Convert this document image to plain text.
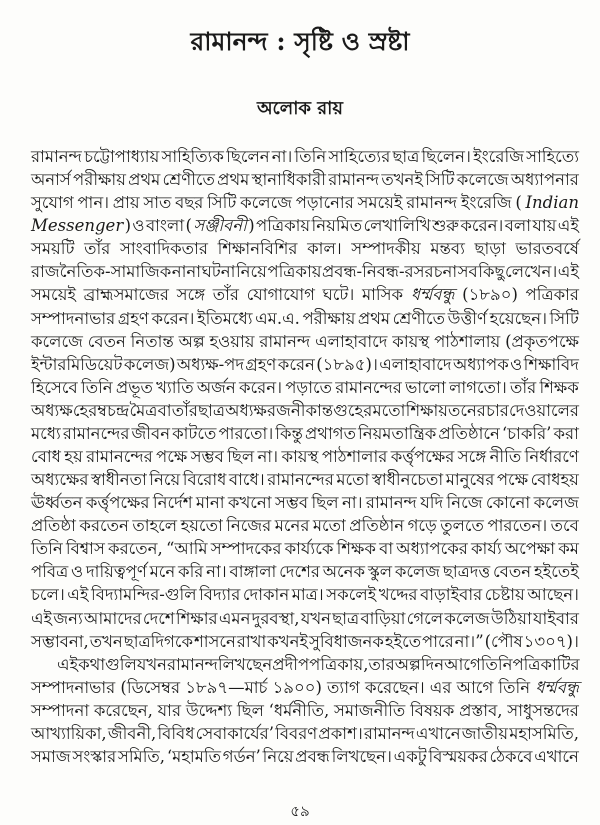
রামানন্দ : সৃষ্টি ও স্রষ্টা
অলোক রায়
রামানন্দ চট্টোপাধ্যায় সাহিত্যিক ছিলেন না। তিনি সাহিত্যের ছাত্র ছিলেন। ইংরেজি সাহিত্যে
অনার্স পরীক্ষায় প্রথম শ্রেণীতে প্রথম স্থানাধিকারী রামানন্দ তখনই সিটি কলেজে অধ্যাপনার
সুযোগ পান। প্রায় সাত বছর সিটি কলেজে পড়ানোর সময়েই রামানন্দ ইংরেজি ( Indian
Messenger ) ও বাংলা ( সঞ্জীবনী ) পত্রিকায় নিয়মিত লেখালিখি শুরু করেন। বলা যায় এই
সময়টি তাঁর সাংবাদিকতার শিক্ষানবিশির কাল। সম্পাদকীয় মন্তব্য ছাড়া ভারতবর্ষে
রাজনৈতিক-সামাজিক নানা ঘটনা নিয়ে পত্রিকায় প্রবন্ধ-নিবন্ধ-রসরচনা সব কিছু লেখেন। এই
সময়েই ব্রাহ্মসমাজের সঙ্গে তাঁর যোগাযোগ ঘটে। মাসিক ধর্ম্মবন্ধু (১৮৯০) পত্রিকার
সম্পাদনাভার গ্রহণ করেন। ইতিমধ্যে এম.এ. পরীক্ষায় প্রথম শ্রেণীতে উত্তীর্ণ হয়েছেন। সিটি
কলেজে বেতন নিতান্ত অল্প হওয়ায় রামানন্দ এলাহাবাদে কায়স্থ পাঠশালায় (প্রকৃতপক্ষে
ইন্টারমিডিয়েট কলেজ) অধ্যক্ষ-পদ গ্রহণ করেন (১৮৯৫)। এলাহাবাদে অধ্যাপক ও শিক্ষাবিদ
হিসেবে তিনি প্রভূত খ্যাতি অর্জন করেন। পড়াতে রামানন্দের ভালো লাগতো। তাঁর শিক্ষক
অধ্যক্ষ হেরম্বচন্দ্র মৈত্র বা তাঁর ছাত্র অধ্যক্ষ রজনীকান্ত গুহের মতো শিক্ষায়তনের চার দেওয়ালের
মধ্যে রামানন্দের জীবন কাটতে পারতো। কিন্তু প্রথাগত নিয়মতান্ত্রিক প্রতিষ্ঠানে ‘চাকরি’ করা
বোধ হয় রামানন্দের পক্ষে সম্ভব ছিল না। কায়স্থ পাঠশালার কর্ত্তৃপক্ষের সঙ্গে নীতি নির্ধারণে
অধ্যক্ষের স্বাধীনতা নিয়ে বিরোধ বাধে। রামানন্দের মতো স্বাধীনচেতা মানুষের পক্ষে বোধহয়
ঊর্ধ্বতন কর্ত্তৃপক্ষের নির্দেশ মানা কখনো সম্ভব ছিল না। রামানন্দ যদি নিজে কোনো কলেজ
প্রতিষ্ঠা করতেন তাহলে হয়তো নিজের মনের মতো প্রতিষ্ঠান গড়ে তুলতে পারতেন। তবে
তিনি বিশ্বাস করতেন, “আমি সম্পাদকের কার্য্যকে শিক্ষক বা অধ্যাপকের কার্য্য অপেক্ষা কম
পবিত্র ও দায়িত্বপূর্ণ মনে করি না। বাঙ্গালা দেশের অনেক স্কুল কলেজ ছাত্রদত্ত বেতন হইতেই
চলে। এই বিদ্যামন্দির-গুলি বিদ্যার দোকান মাত্র। সকলেই খদ্দের বাড়াইবার চেষ্টায় আছেন।
এই জন্য আমাদের দেশে শিক্ষার এমন দুরবস্থা, যখন ছাত্র বাড়িয়া গেলে কলেজ উঠিয়া যাইবার
সম্ভাবনা, তখন ছাত্রদিগকে শাসনে রাখা কখনই সুবিধাজনক হইতে পারে না।” (পৌষ ১৩০৭)।
এই কথাগুলি যখন রামানন্দ লিখছেন প্রদীপ পত্রিকায়, তার অল্পদিন আগে তিনি পত্রিকাটির
সম্পাদনাভার (ডিসেম্বর ১৮৯৭—মার্চ ১৯০০) ত্যাগ করেছেন। এর আগে তিনি ধর্ম্মবন্ধু
সম্পাদনা করেছেন, যার উদ্দেশ্য ছিল ‘ধর্মনীতি, সমাজনীতি বিষয়ক প্রস্তাব, সাধুসন্তদের
আখ্যায়িকা, জীবনী, বিবিধ সেবাকার্যের’ বিবরণ প্রকাশ। রামানন্দ এখানে জাতীয় মহাসমিতি,
সমাজ সংস্কার সমিতি, ‘মহামতি গর্ডন’ নিয়ে প্রবন্ধ লিখছেন। একটু বিস্ময়কর ঠেকবে এখানে
৫৯
